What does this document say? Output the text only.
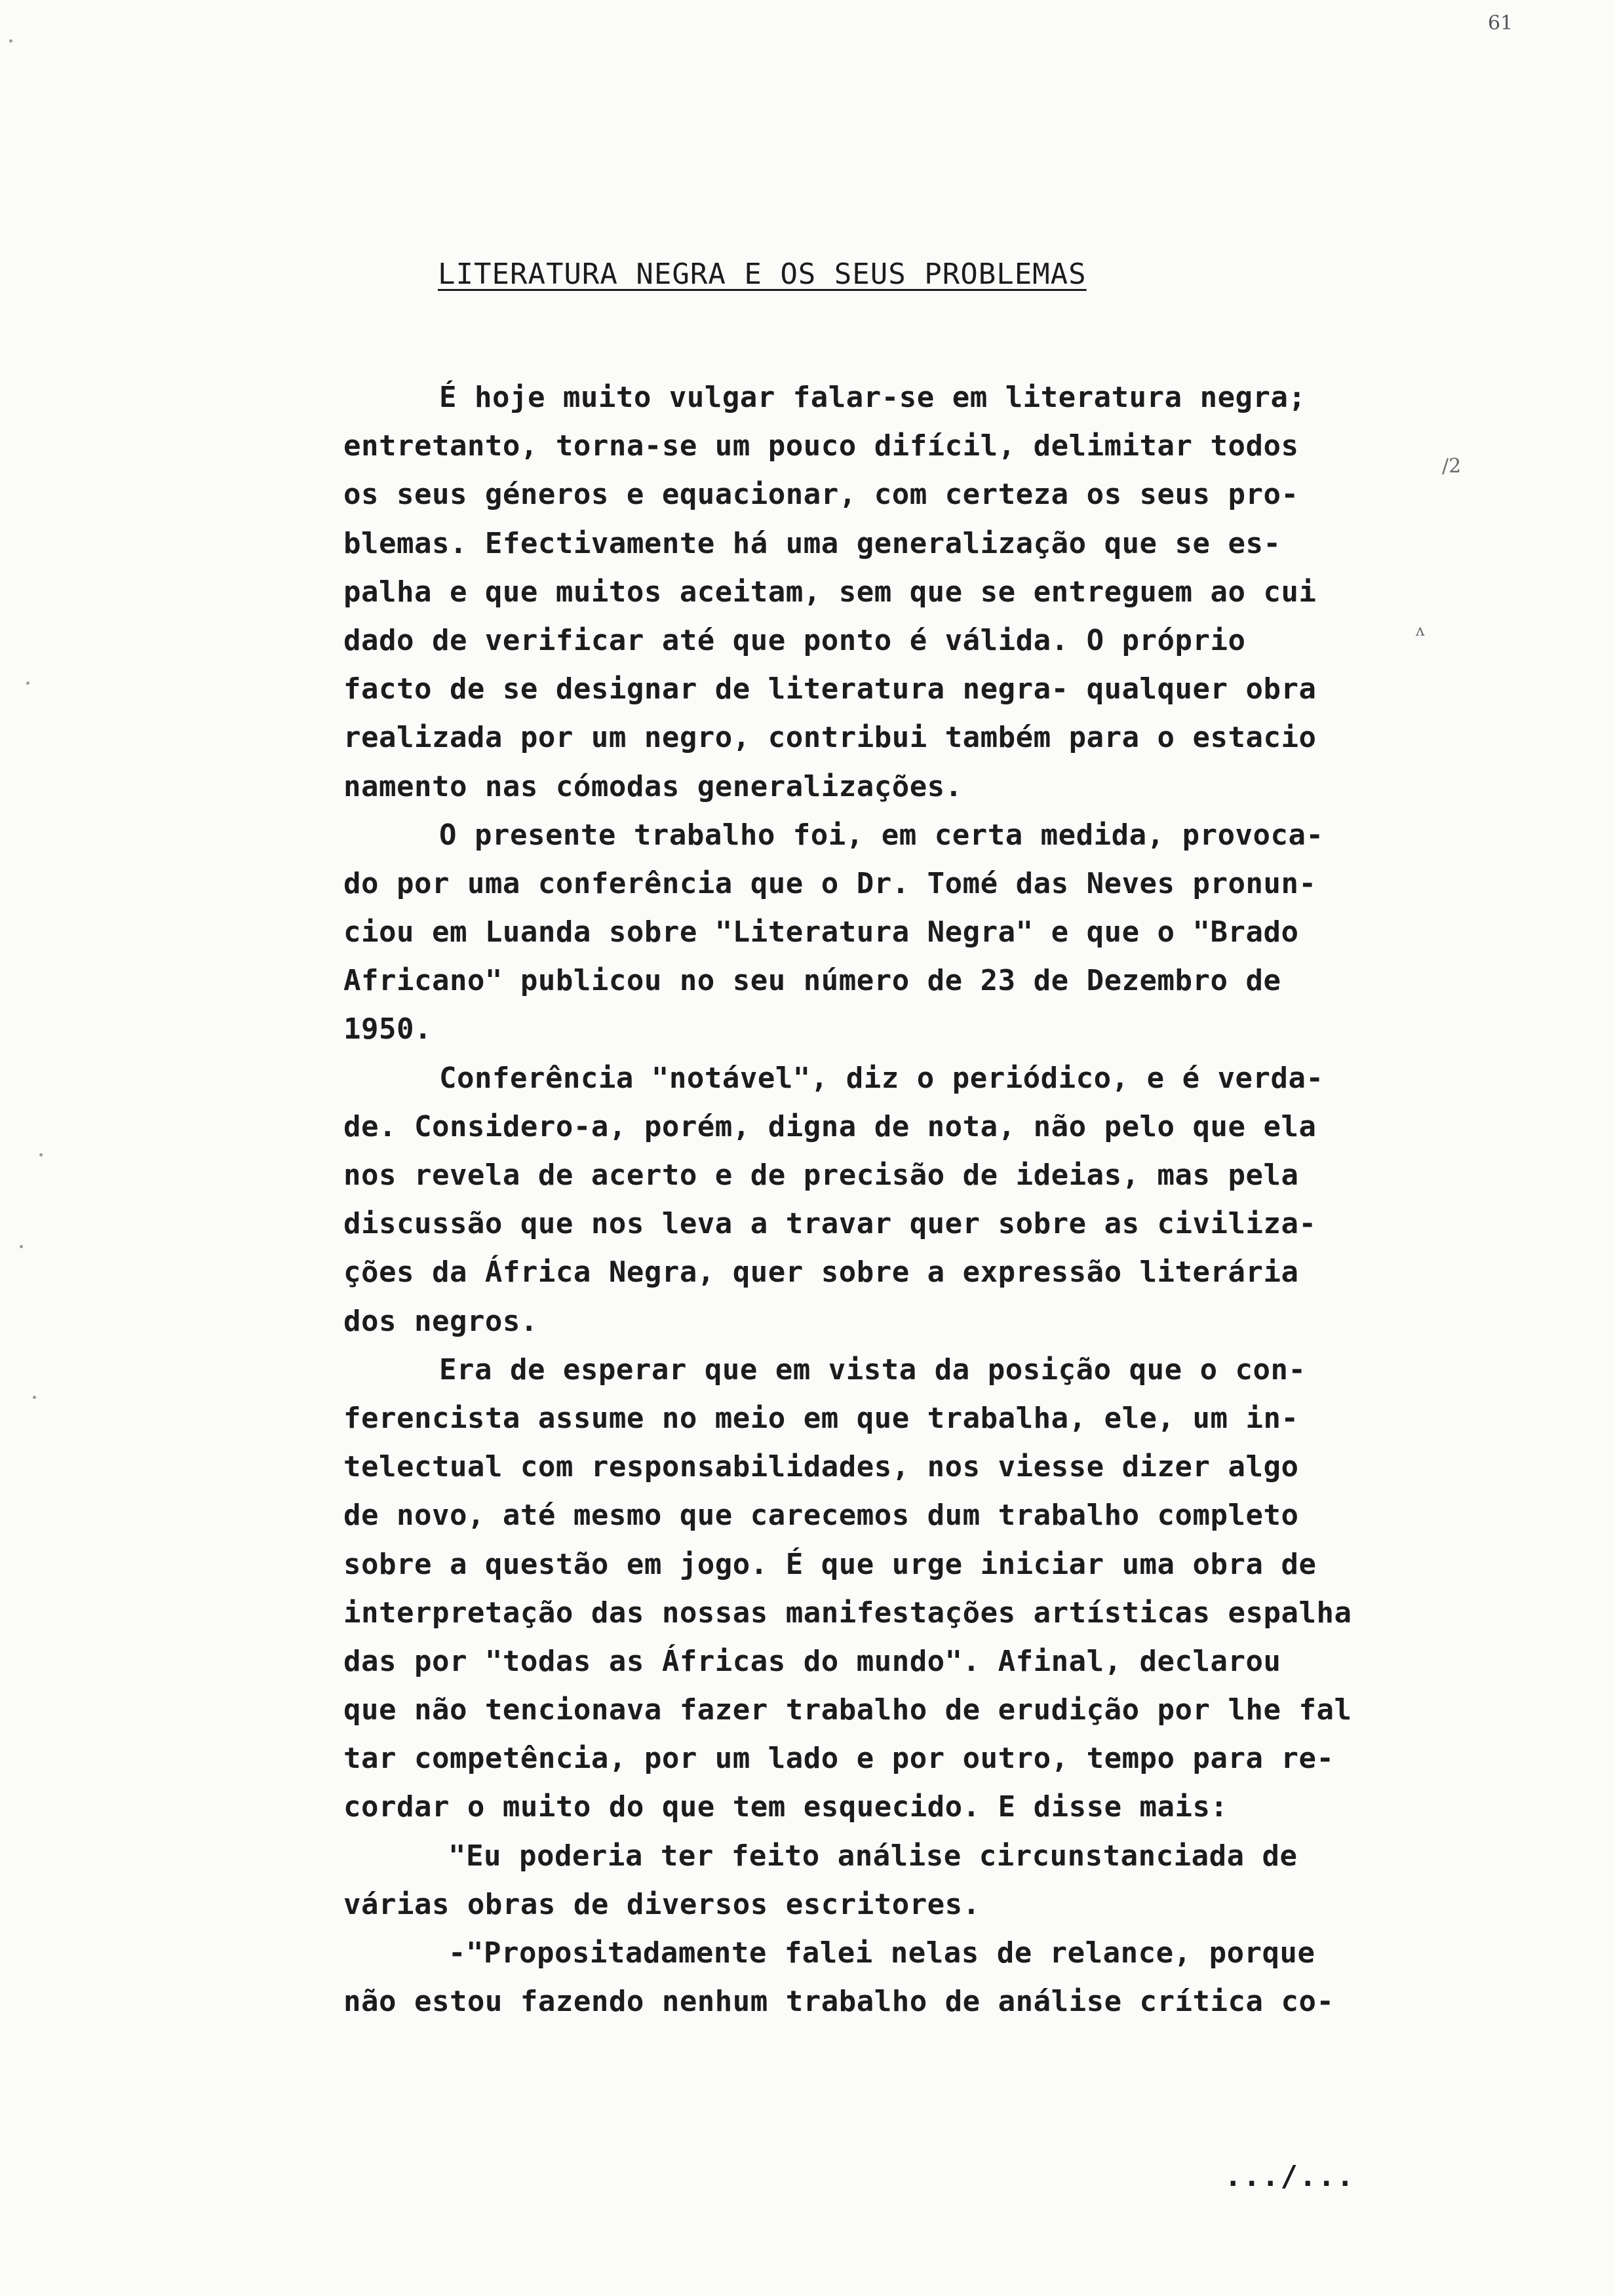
61
LITERATURA NEGRA E OS SEUS PROBLEMAS
É hoje muito vulgar falar-se em literatura negra;
entretanto, torna-se um pouco difícil, delimitar todos
os seus géneros e equacionar, com certeza os seus pro-
blemas. Efectivamente há uma generalização que se es-
palha e que muitos aceitam, sem que se entreguem ao cui
dado de verificar até que ponto é válida. O próprio
facto de se designar de literatura negra- qualquer obra
realizada por um negro, contribui também para o estacio
namento nas cómodas generalizações.
O presente trabalho foi, em certa medida, provoca-
do por uma conferência que o Dr. Tomé das Neves pronun-
ciou em Luanda sobre "Literatura Negra" e que o "Brado
Africano" publicou no seu número de 23 de Dezembro de
1950.
Conferência "notável", diz o periódico, e é verda-
de. Considero-a, porém, digna de nota, não pelo que ela
nos revela de acerto e de precisão de ideias, mas pela
discussão que nos leva a travar quer sobre as civiliza-
ções da África Negra, quer sobre a expressão literária
dos negros.
Era de esperar que em vista da posição que o con-
ferencista assume no meio em que trabalha, ele, um in-
telectual com responsabilidades, nos viesse dizer algo
de novo, até mesmo que carecemos dum trabalho completo
sobre a questão em jogo. É que urge iniciar uma obra de
interpretação das nossas manifestações artísticas espalha
das por "todas as Áfricas do mundo". Afinal, declarou
que não tencionava fazer trabalho de erudição por lhe fal
tar competência, por um lado e por outro, tempo para re-
cordar o muito do que tem esquecido. E disse mais:
"Eu poderia ter feito análise circunstanciada de
várias obras de diversos escritores.
-"Propositadamente falei nelas de relance, porque
não estou fazendo nenhum trabalho de análise crítica co-
/2
ʌ
.../...
